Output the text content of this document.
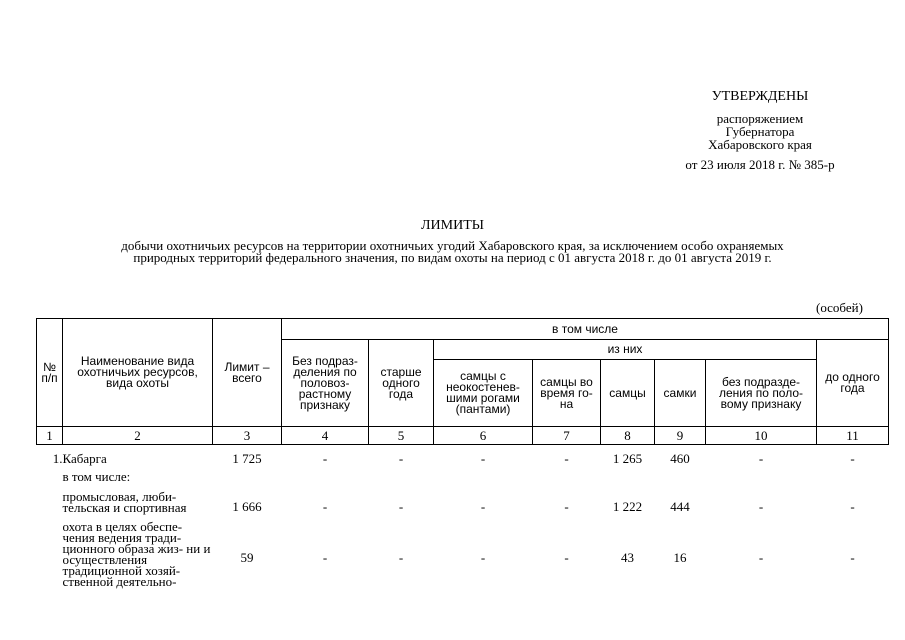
УТВЕРЖДЕНЫ
распоряжением
Губернатора
Хабаровского края
от 23 июля 2018 г. № 385-р
ЛИМИТЫ
добычи охотничьих ресурсов на территории охотничьих угодий Хабаровского края, за исключением особо охраняемых
природных территорий федерального значения, по видам охоты на период с 01 августа 2018 г. до 01 августа 2019 г.
(особей)
№ п/п	Наименование вида охотничьих ресурсов, вида охоты	Лимит – всего	в том числе							
			Без подраз- деления по половоз- растному признаку	старше одного года	из них					до одного года
					самцы с неокостенев- шими рогами (пантами)	самцы во время го- на	самцы	самки	без подразде- ления по поло- вому признаку	
1	2	3	4	5	6	7	8	9	10	11

1.	Кабарга	1 725	-	-	-	-	1 265	460	-	-
	в том числе:									
	промысловая, люби- тельская и спортивная	1 666	-	-	-	-	1 222	444	-	-
	охота в целях обеспе- чения ведения тради- ционного образа жиз- ни и осуществления традиционной хозяй- ственной деятельно-	59	-	-	-	-	43	16	-	-
